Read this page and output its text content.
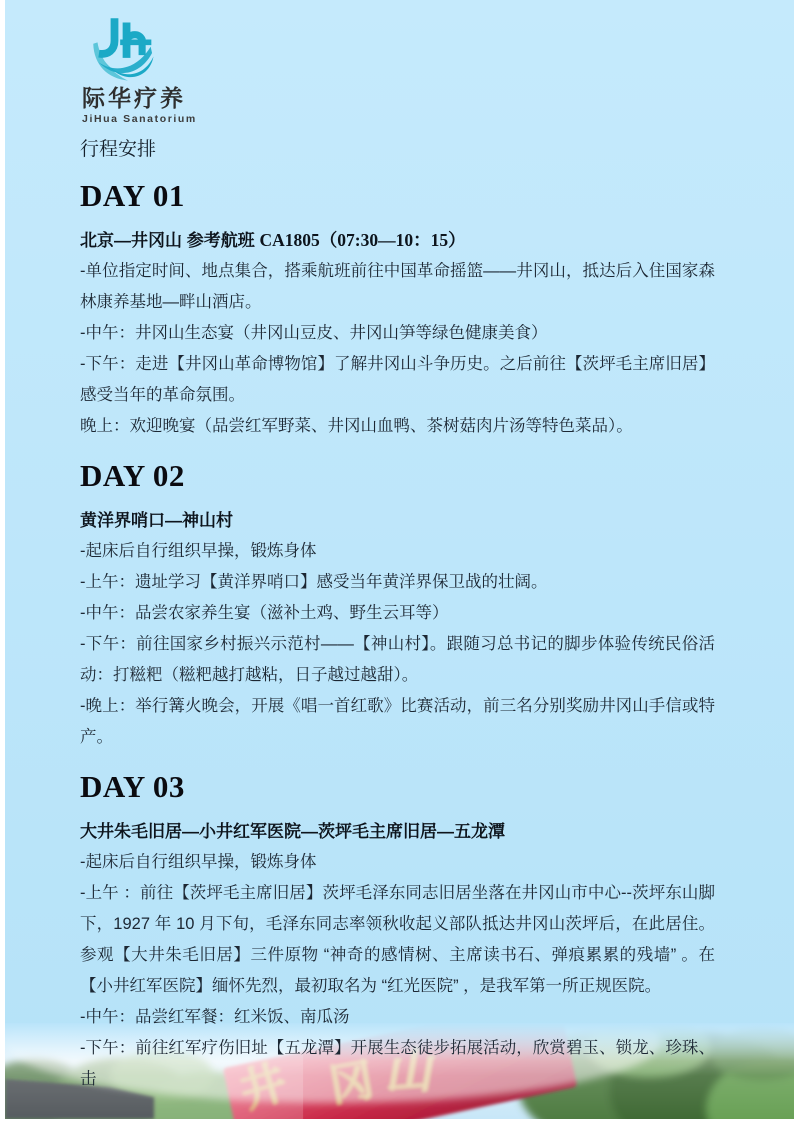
际华疗养
JiHua Sanatorium
行程安排
DAY 01

北京—井冈山 参考航班 CA1805（07:30—10：15）

-单位指定时间、地点集合，搭乘航班前往中国革命摇篮——井冈山，抵达后入住国家森林康养基地—畔山酒店。

-中午：井冈山生态宴（井冈山豆皮、井冈山笋等绿色健康美食）

-下午：走进【井冈山革命博物馆】了解井冈山斗争历史。之后前往【茨坪毛主席旧居】感受当年的革命氛围。

晚上：欢迎晚宴（品尝红军野菜、井冈山血鸭、茶树菇肉片汤等特色菜品）。

DAY 02

黄洋界哨口—神山村

-起床后自行组织早操，锻炼身体

-上午：遗址学习【黄洋界哨口】感受当年黄洋界保卫战的壮阔。

-中午：品尝农家养生宴（滋补土鸡、野生云耳等）

-下午：前往国家乡村振兴示范村——【神山村】。跟随习总书记的脚步体验传统民俗活动：打糍粑（糍粑越打越粘，日子越过越甜）。

-晚上：举行篝火晚会，开展《唱一首红歌》比赛活动，前三名分别奖励井冈山手信或特产。

DAY 03

大井朱毛旧居—小井红军医院—茨坪毛主席旧居—五龙潭

-起床后自行组织早操，锻炼身体

-上午 ：前往【茨坪毛主席旧居】茨坪毛泽东同志旧居坐落在井冈山市中心--茨坪东山脚下，1927 年 10 月下旬，毛泽东同志率领秋收起义部队抵达井冈山茨坪后，在此居住。参观【大井朱毛旧居】三件原物 “神奇的感情树、主席读书石、弹痕累累的残墙” 。在【小井红军医院】缅怀先烈，最初取名为 “红光医院” ，是我军第一所正规医院。

-中午：品尝红军餐：红米饭、南瓜汤

-下午：前往红军疗伤旧址【五龙潭】开展生态徒步拓展活动，欣赏碧玉、锁龙、珍珠、击
